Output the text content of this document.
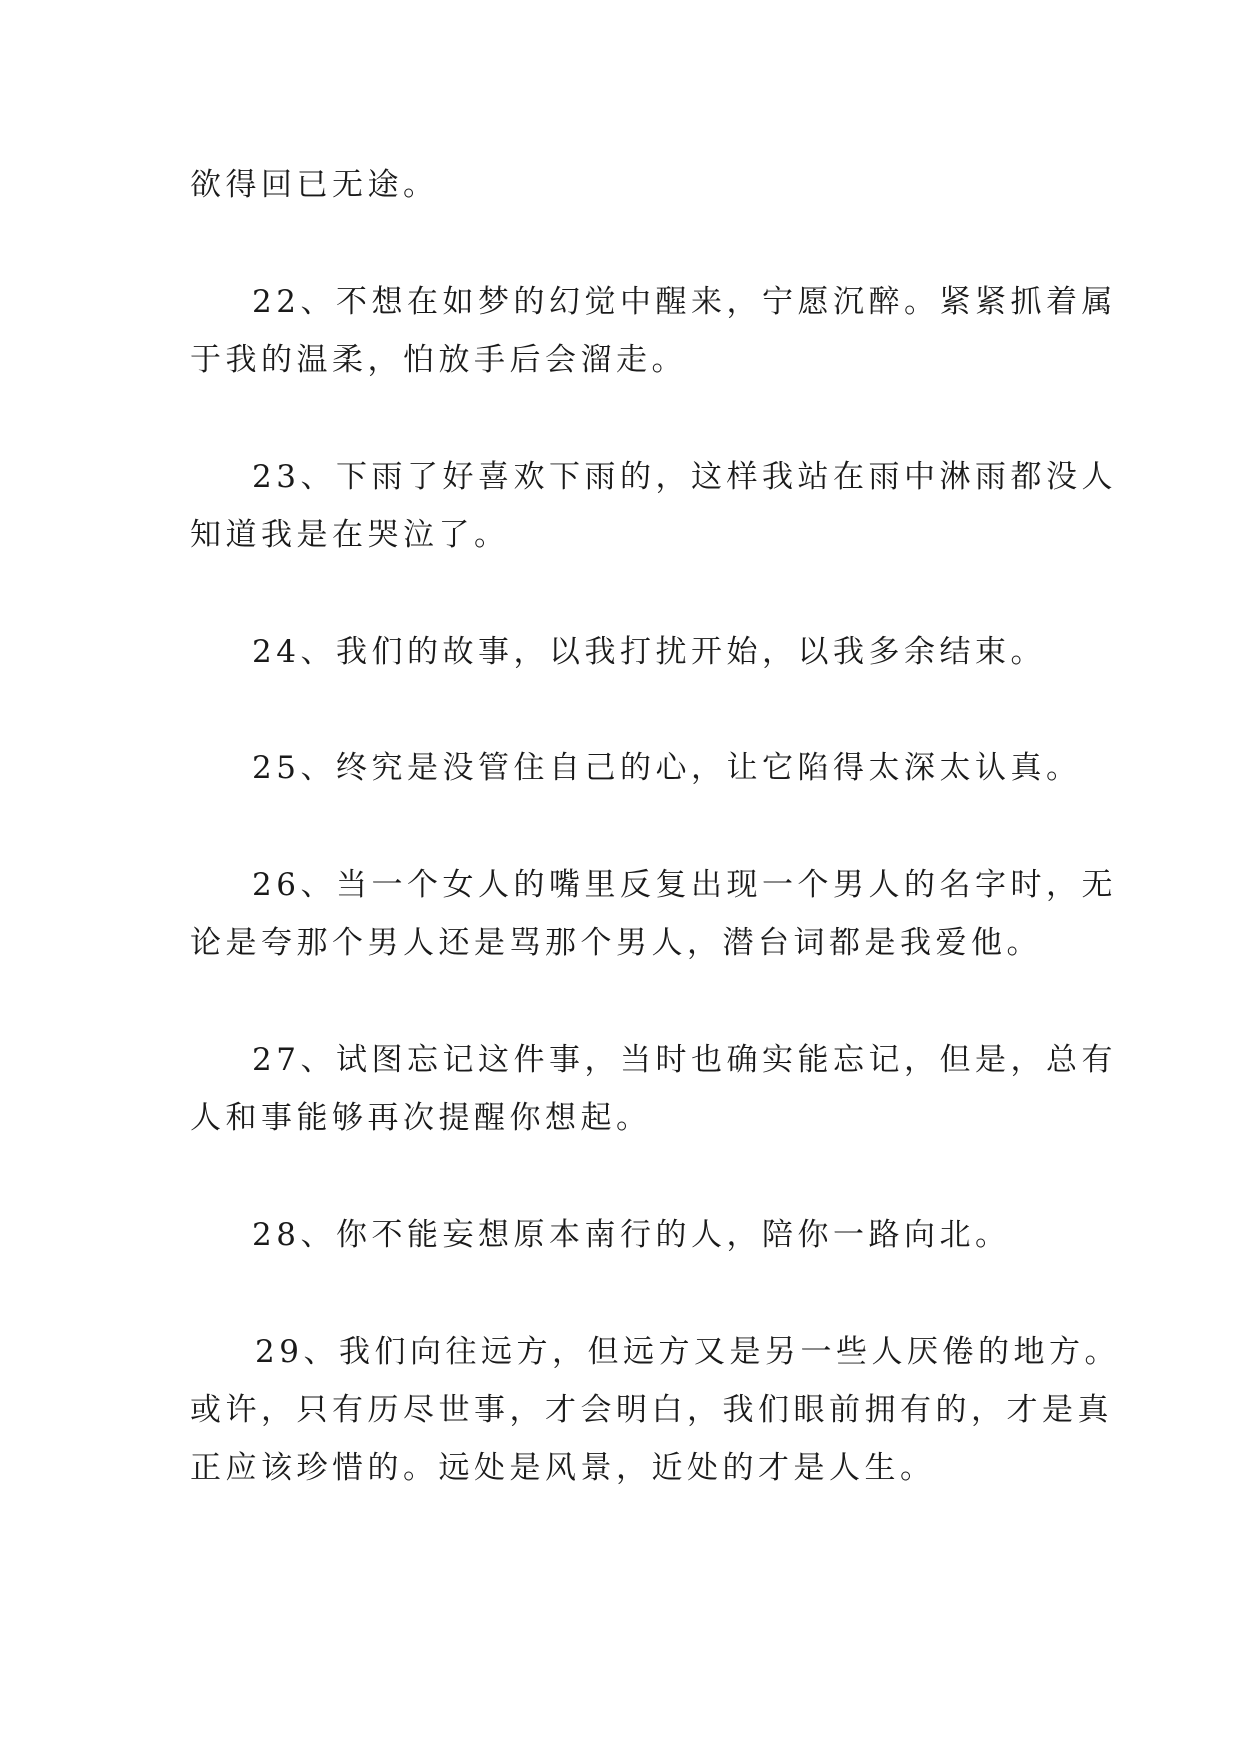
欲得回已无途。
22、不想在如梦的幻觉中醒来，宁愿沉醉。紧紧抓着属
于我的温柔，怕放手后会溜走。
23、下雨了好喜欢下雨的，这样我站在雨中淋雨都没人
知道我是在哭泣了。
24、我们的故事，以我打扰开始，以我多余结束。
25、终究是没管住自己的心，让它陷得太深太认真。
26、当一个女人的嘴里反复出现一个男人的名字时，无
论是夸那个男人还是骂那个男人，潜台词都是我爱他。
27、试图忘记这件事，当时也确实能忘记，但是，总有
人和事能够再次提醒你想起。
28、你不能妄想原本南行的人，陪你一路向北。
29、我们向往远方，但远方又是另一些人厌倦的地方。
或许，只有历尽世事，才会明白，我们眼前拥有的，才是真
正应该珍惜的。远处是风景，近处的才是人生。
